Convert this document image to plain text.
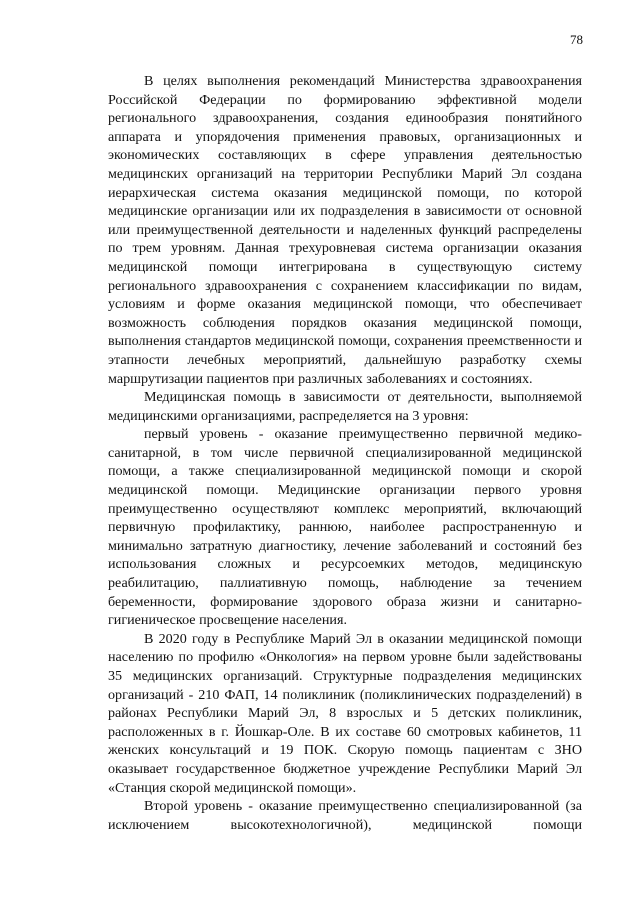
78

В целях выполнения рекомендаций Министерства здравоохранения Российской Федерации по формированию эффективной модели регионального здравоохранения, создания единообразия понятийного аппарата и упорядочения применения правовых, организационных и экономических составляющих в сфере управления деятельностью медицинских организаций на территории Республики Марий Эл создана иерархическая система оказания медицинской помощи, по которой медицинские организации или их подразделения в зависимости от основной или преимущественной деятельности и наделенных функций распределены по трем уровням. Данная трехуровневая система организации оказания медицинской помощи интегрирована в существующую систему регионального здравоохранения с сохранением классификации по видам, условиям и форме оказания медицинской помощи, что обеспечивает возможность соблюдения порядков оказания медицинской помощи, выполнения стандартов медицинской помощи, сохранения преемственности и этапности лечебных мероприятий, дальнейшую разработку схемы маршрутизации пациентов при различных заболеваниях и состояниях.

Медицинская помощь в зависимости от деятельности, выполняемой медицинскими организациями, распределяется на 3 уровня:

первый уровень - оказание преимущественно первичной медико-санитарной, в том числе первичной специализированной медицинской помощи, а также специализированной медицинской помощи и скорой медицинской помощи. Медицинские организации первого уровня преимущественно осуществляют комплекс мероприятий, включающий первичную профилактику, раннюю, наиболее распространенную и минимально затратную диагностику, лечение заболеваний и состояний без использования сложных и ресурсоемких методов, медицинскую реабилитацию, паллиативную помощь, наблюдение за течением беременности, формирование здорового образа жизни и санитарно-гигиеническое просвещение населения.

В 2020 году в Республике Марий Эл в оказании медицинской помощи населению по профилю «Онкология» на первом уровне были задействованы 35 медицинских организаций. Структурные подразделения медицинских организаций - 210 ФАП, 14 поликлиник (поликлинических подразделений) в районах Республики Марий Эл, 8 взрослых и 5 детских поликлиник, расположенных в г. Йошкар-Оле. В их составе 60 смотровых кабинетов, 11 женских консультаций и 19 ПОК. Скорую помощь пациентам с ЗНО оказывает государственное бюджетное учреждение Республики Марий Эл «Станция скорой медицинской помощи».

Второй уровень - оказание преимущественно специализированной (за исключением высокотехнологичной), медицинской помощи
